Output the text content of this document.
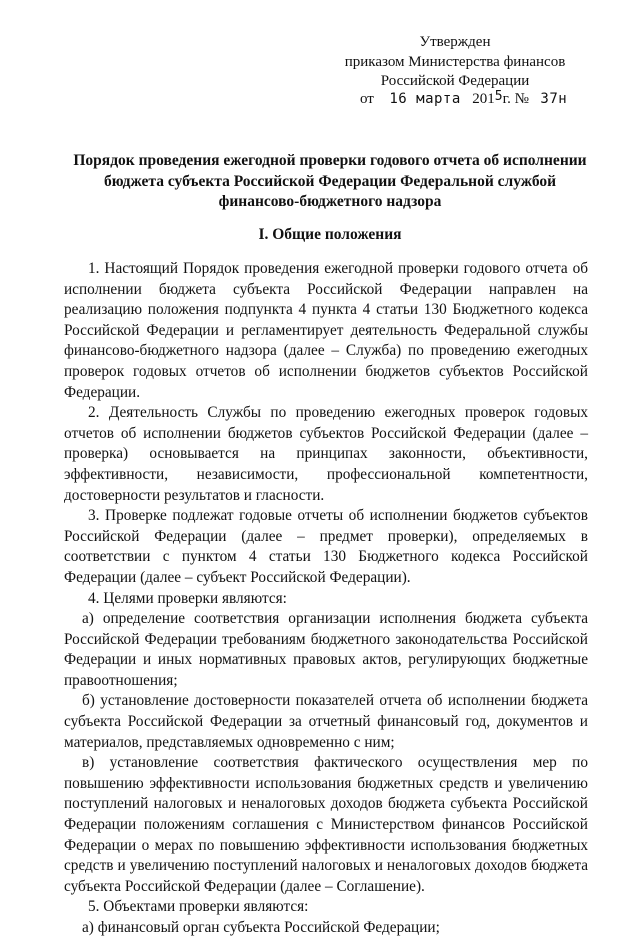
Утвержден
приказом Министерства финансов
Российской Федерации
от 16 марта 2015г. № 37н
Порядок проведения ежегодной проверки годового отчета об исполнении бюджета субъекта Российской Федерации Федеральной службой финансово-бюджетного надзора
I. Общие положения

1. Настоящий Порядок проведения ежегодной проверки годового отчета об исполнении бюджета субъекта Российской Федерации направлен на реализацию положения подпункта 4 пункта 4 статьи 130 Бюджетного кодекса Российской Федерации и регламентирует деятельность Федеральной службы финансово-бюджетного надзора (далее – Служба) по проведению ежегодных проверок годовых отчетов об исполнении бюджетов субъектов Российской Федерации.

2. Деятельность Службы по проведению ежегодных проверок годовых отчетов об исполнении бюджетов субъектов Российской Федерации (далее – проверка) основывается на принципах законности, объективности, эффективности, независимости, профессиональной компетентности, достоверности результатов и гласности.

3. Проверке подлежат годовые отчеты об исполнении бюджетов субъектов Российской Федерации (далее – предмет проверки), определяемых в соответствии с пунктом 4 статьи 130 Бюджетного кодекса Российской Федерации (далее – субъект Российской Федерации).

4. Целями проверки являются:

а) определение соответствия организации исполнения бюджета субъекта Российской Федерации требованиям бюджетного законодательства Российской Федерации и иных нормативных правовых актов, регулирующих бюджетные правоотношения;

б) установление достоверности показателей отчета об исполнении бюджета субъекта Российской Федерации за отчетный финансовый год, документов и материалов, представляемых одновременно с ним;

в) установление соответствия фактического осуществления мер по повышению эффективности использования бюджетных средств и увеличению поступлений налоговых и неналоговых доходов бюджета субъекта Российской Федерации положениям соглашения с Министерством финансов Российской Федерации о мерах по повышению эффективности использования бюджетных средств и увеличению поступлений налоговых и неналоговых доходов бюджета субъекта Российской Федерации (далее – Соглашение).

5. Объектами проверки являются:

а) финансовый орган субъекта Российской Федерации;
